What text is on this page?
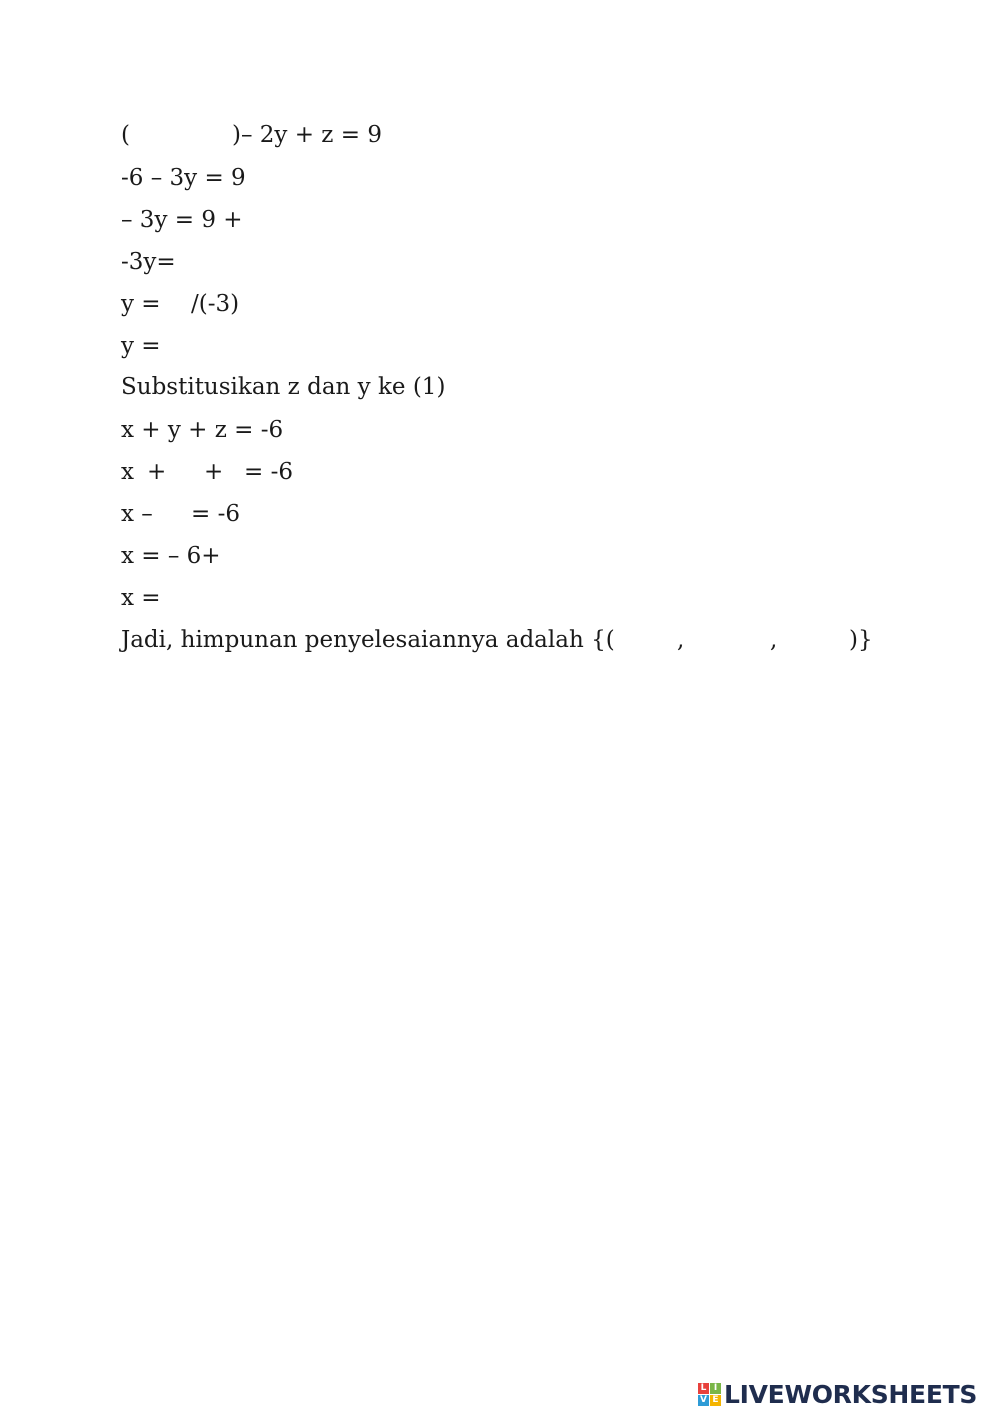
(	)– 2y + z = 9
-6 – 3y = 9
– 3y = 9 +
-3y=
y = /(-3)
y =
Substitusikan z dan y ke (1)
x + y + z = -6
x + + = -6
x – = -6
x = – 6+
x =
Jadi, himpunan penyelesaiannya adalah {(	,	,	)}
L I
V E LIVEWORKSHEETS
